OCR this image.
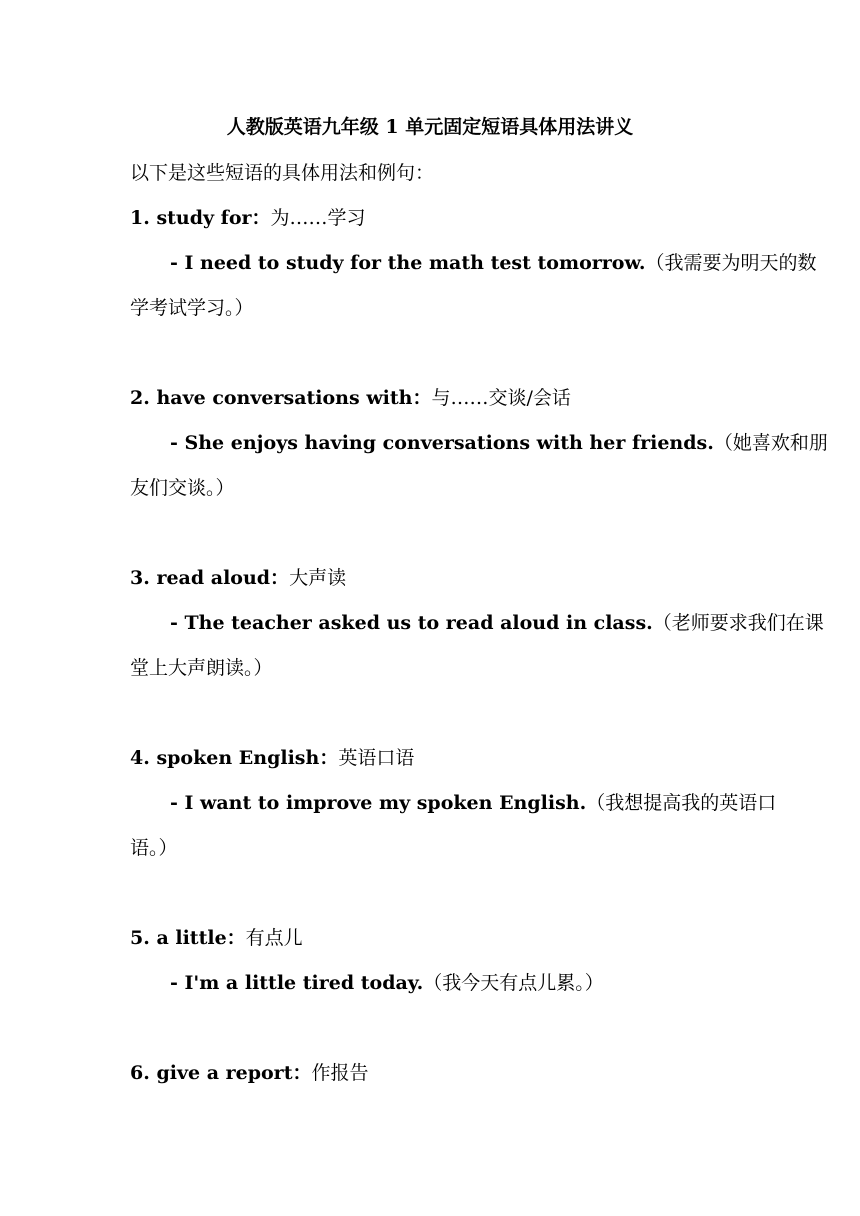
人教版英语九年级 1 单元固定短语具体用法讲义
以下是这些短语的具体用法和例句：
1. study for：为……学习
- I need to study for the math test tomorrow.（我需要为明天的数
学考试学习。）
2. have conversations with：与……交谈/会话
- She enjoys having conversations with her friends.（她喜欢和朋
友们交谈。）
3. read aloud：大声读
- The teacher asked us to read aloud in class.（老师要求我们在课
堂上大声朗读。）
4. spoken English：英语口语
- I want to improve my spoken English.（我想提高我的英语口
语。）
5. a little：有点儿
- I'm a little tired today.（我今天有点儿累。）
6. give a report：作报告
